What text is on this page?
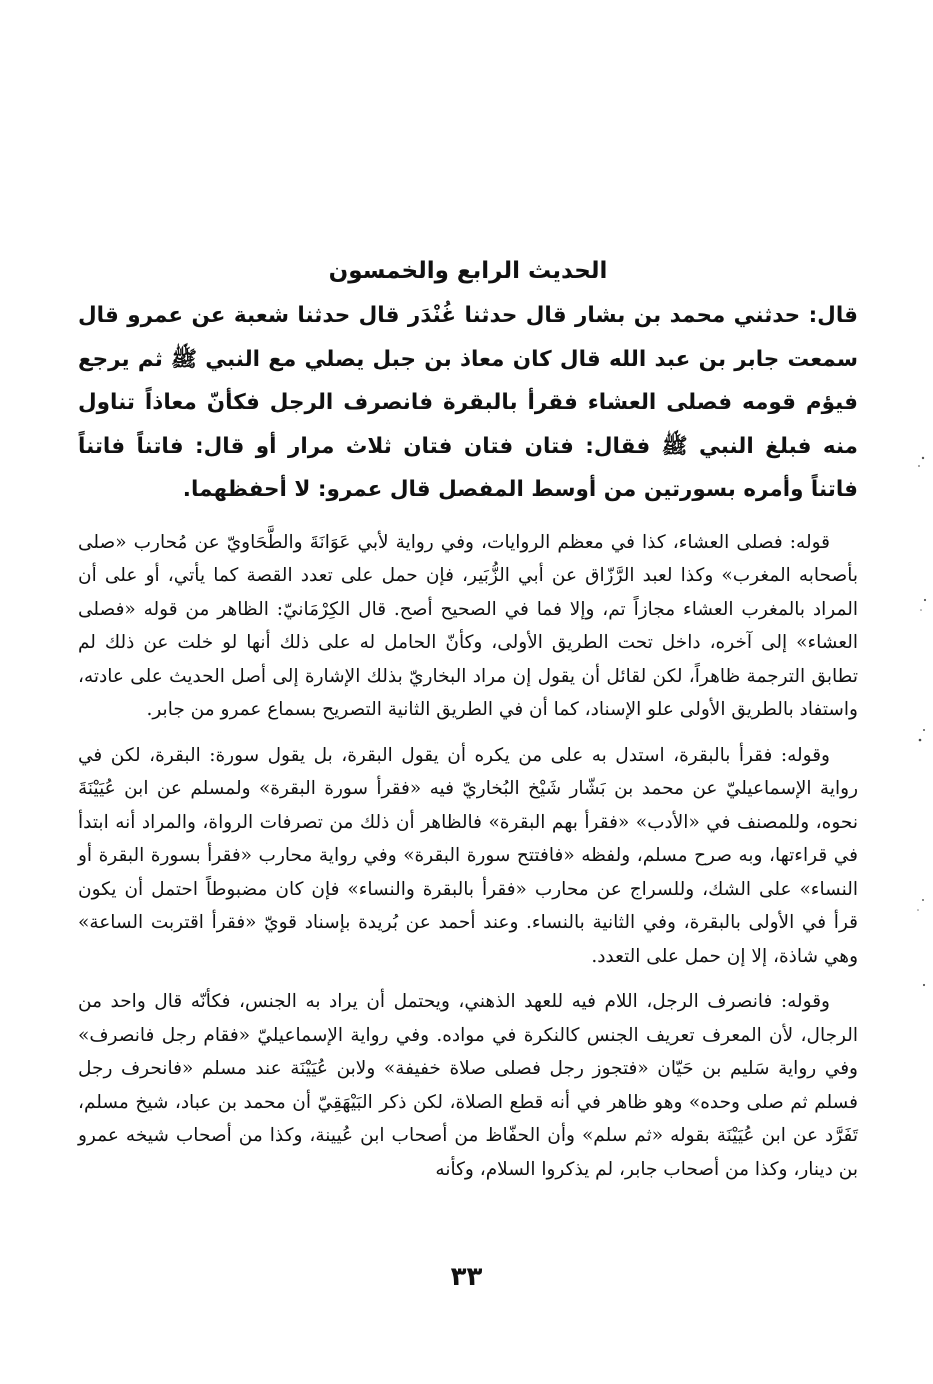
الحديث الرابع والخمسون
قال: حدثني محمد بن بشار قال حدثنا غُنْدَر قال حدثنا شعبة عن عمرو قال سمعت جابر بن عبد الله قال كان معاذ بن جبل يصلي مع النبي ﷺ ثم يرجع فيؤم قومه فصلى العشاء فقرأ بالبقرة فانصرف الرجل فكأنّ معاذاً تناول منه فبلغ النبي ﷺ فقال: فتان فتان فتان ثلاث مرار أو قال: فاتناً فاتناً فاتناً وأمره بسورتين من أوسط المفصل قال عمرو: لا أحفظهما.

قوله: فصلى العشاء، كذا في معظم الروايات، وفي رواية لأبي عَوَانَةَ والطَّحَاويّ عن مُحارب «صلى بأصحابه المغرب» وكذا لعبد الرَّزّاق عن أبي الزُّبَير، فإن حمل على تعدد القصة كما يأتي، أو على أن المراد بالمغرب العشاء مجازاً تم، وإلا فما في الصحيح أصح. قال الكِرْمَانيّ: الظاهر من قوله «فصلى العشاء» إلى آخره، داخل تحت الطريق الأولى، وكأنّ الحامل له على ذلك أنها لو خلت عن ذلك لم تطابق الترجمة ظاهراً، لكن لقائل أن يقول إن مراد البخاريّ بذلك الإشارة إلى أصل الحديث على عادته، واستفاد بالطريق الأولى علو الإسناد، كما أن في الطريق الثانية التصريح بسماع عمرو من جابر.

وقوله: فقرأ بالبقرة، استدل به على من يكره أن يقول البقرة، بل يقول سورة: البقرة، لكن في رواية الإسماعيليّ عن محمد بن بَشّار شَيْخ البُخاريّ فيه «فقرأ سورة البقرة» ولمسلم عن ابن عُيَيْنَةَ نحوه، وللمصنف في «الأدب» «فقرأ بهم البقرة» فالظاهر أن ذلك من تصرفات الرواة، والمراد أنه ابتدأ في قراءتها، وبه صرح مسلم، ولفظه «فافتتح سورة البقرة» وفي رواية محارب «فقرأ بسورة البقرة أو النساء» على الشك، وللسراج عن محارب «فقرأ بالبقرة والنساء» فإن كان مضبوطاً احتمل أن يكون قرأ في الأولى بالبقرة، وفي الثانية بالنساء. وعند أحمد عن بُريدة بإسناد قويّ «فقرأ اقتربت الساعة» وهي شاذة، إلا إن حمل على التعدد.

وقوله: فانصرف الرجل، اللام فيه للعهد الذهني، ويحتمل أن يراد به الجنس، فكأنّه قال واحد من الرجال، لأن المعرف تعريف الجنس كالنكرة في مواده. وفي رواية الإسماعيليّ «فقام رجل فانصرف» وفي رواية سَليم بن حَيّان «فتجوز رجل فصلى صلاة خفيفة» ولابن عُيَيْنَة عند مسلم «فانحرف رجل فسلم ثم صلى وحده» وهو ظاهر في أنه قطع الصلاة، لكن ذكر البَيْهَقِيّ أن محمد بن عباد، شيخ مسلم، تَفَرَّد عن ابن عُيَيْنَة بقوله «ثم سلم» وأن الحفّاظ من أصحاب ابن عُيينة، وكذا من أصحاب شيخه عمرو بن دينار، وكذا من أصحاب جابر، لم يذكروا السلام، وكأنه

٣٣
